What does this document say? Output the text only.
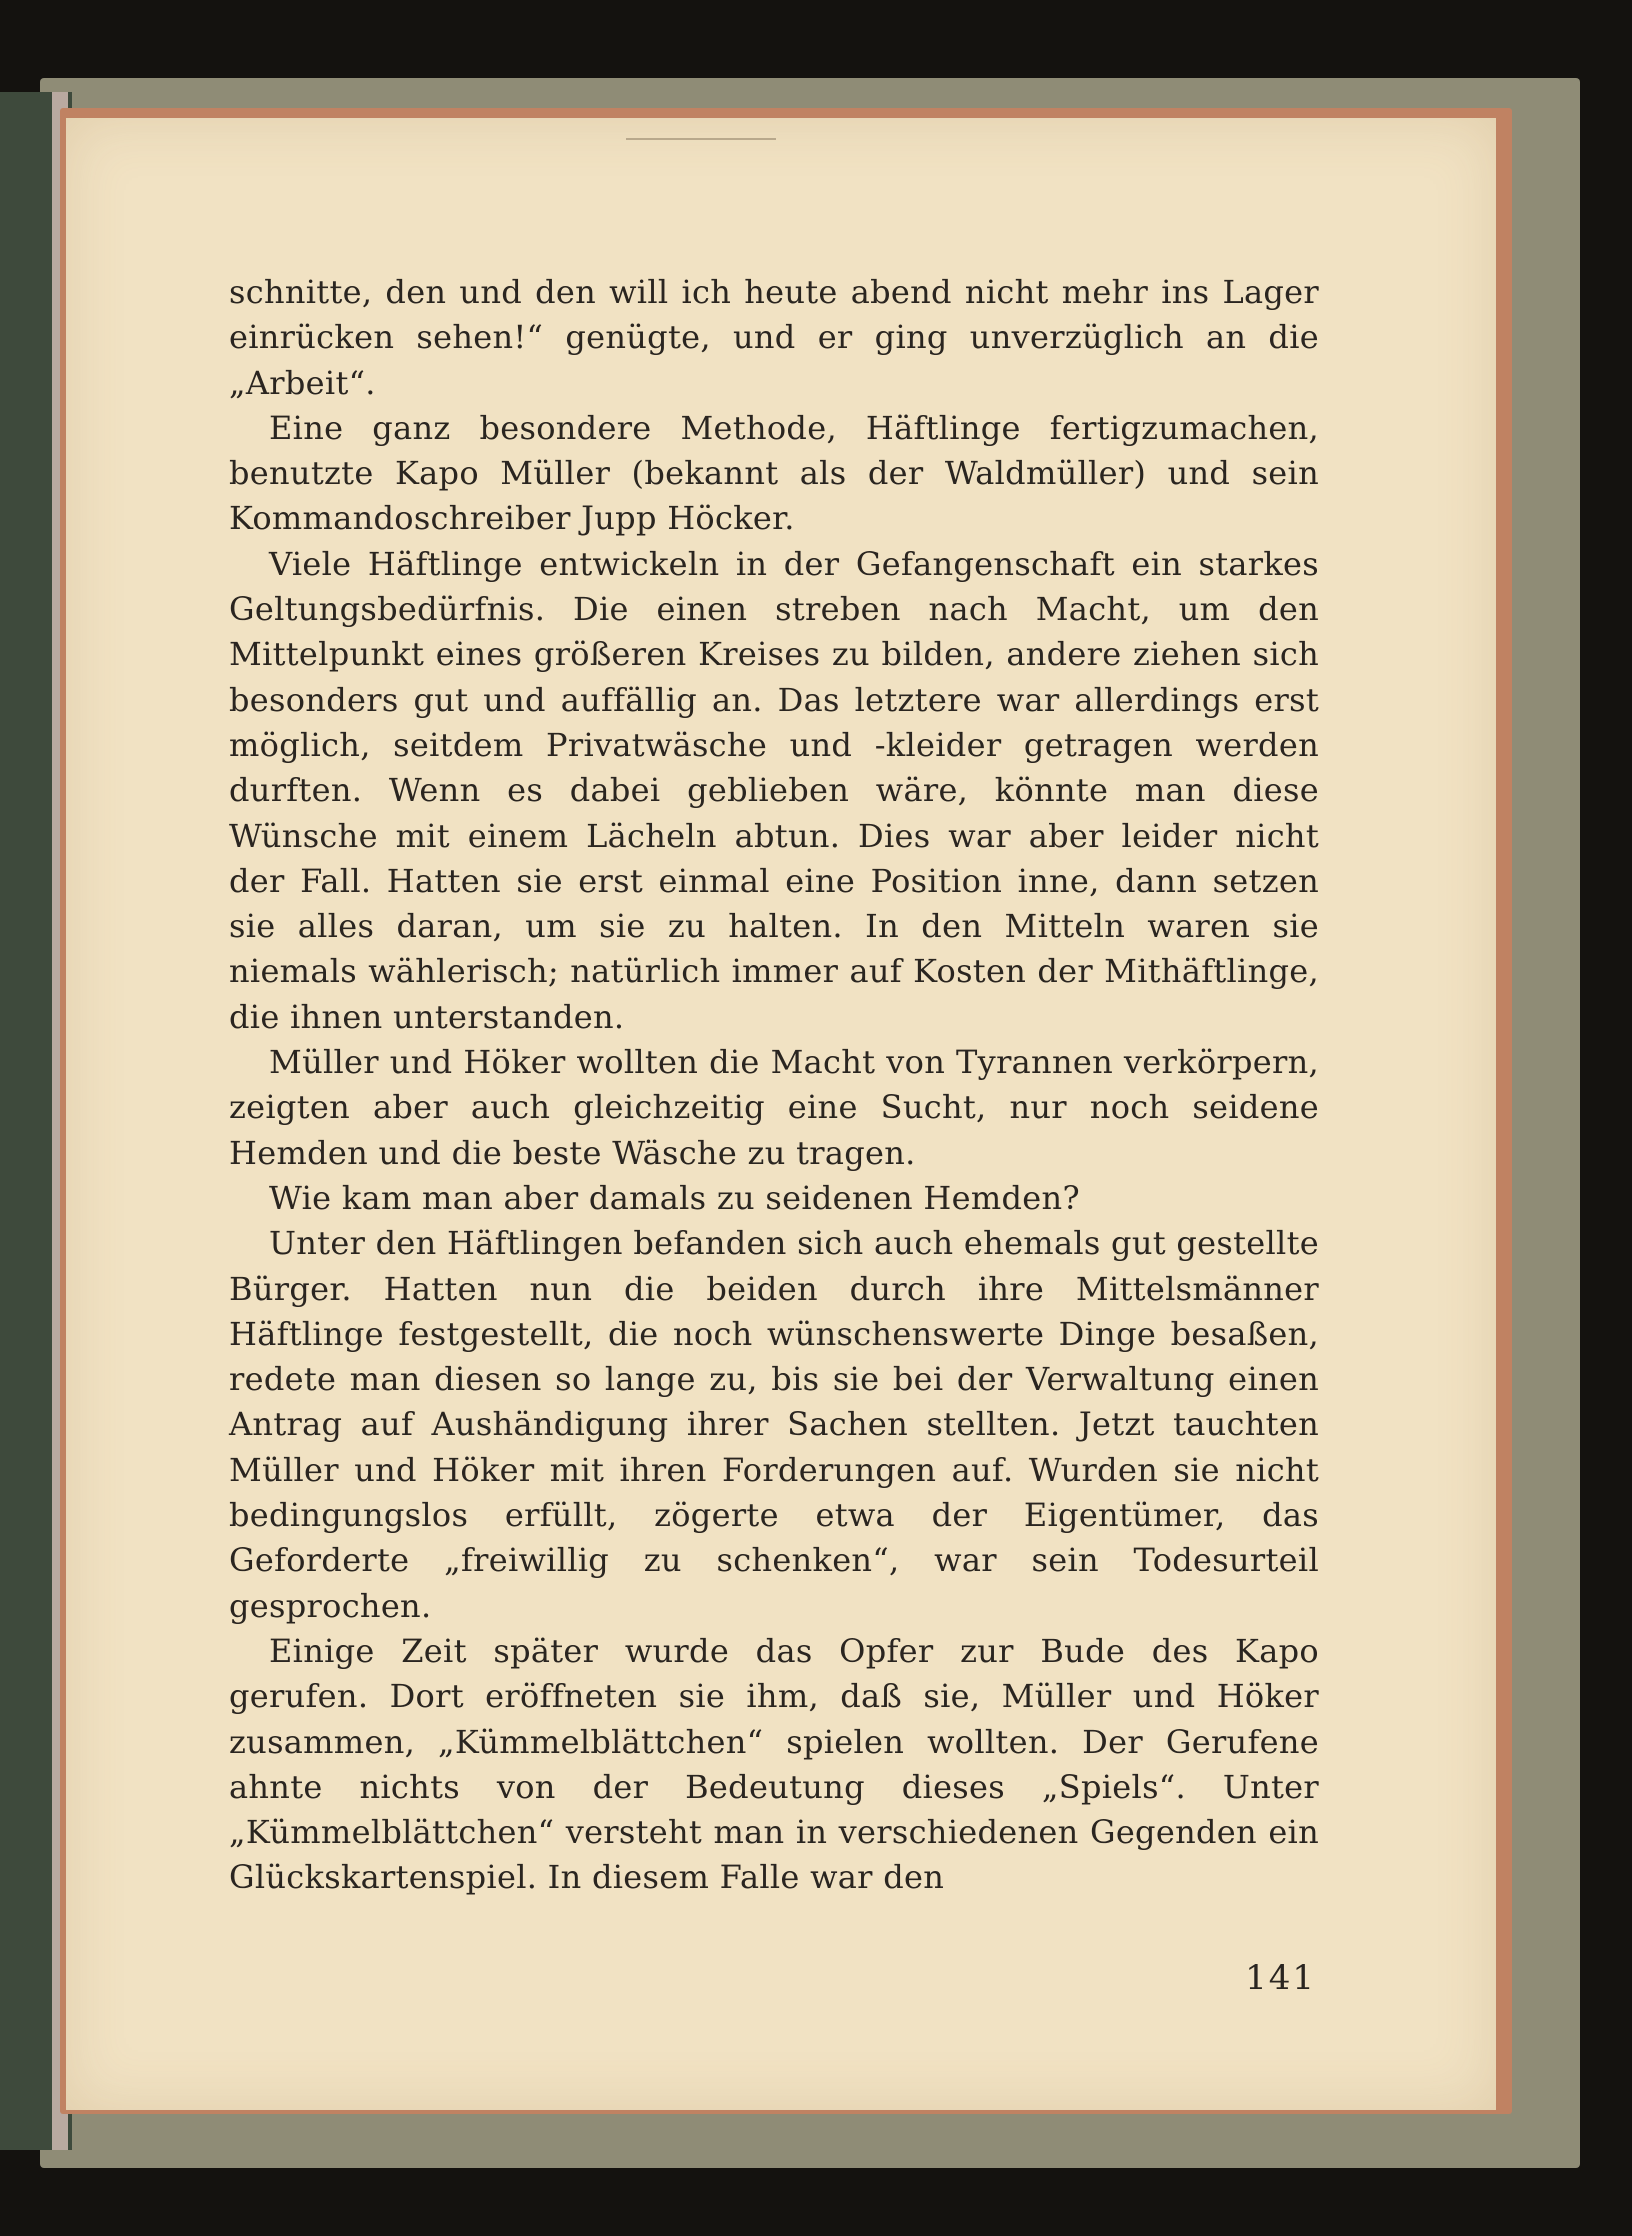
schnitte, den und den will ich heute abend nicht mehr ins Lager einrücken sehen!“ genügte, und er ging unverzüglich an die „Arbeit“.

Eine ganz besondere Methode, Häftlinge fertigzumachen, benutzte Kapo Müller (bekannt als der Waldmüller) und sein Kommandoschreiber Jupp Höcker.

Viele Häftlinge entwickeln in der Gefangenschaft ein starkes Geltungsbedürfnis. Die einen streben nach Macht, um den Mittelpunkt eines größeren Kreises zu bilden, andere ziehen sich besonders gut und auffällig an. Das letztere war allerdings erst möglich, seitdem Privatwäsche und -kleider getragen werden durften. Wenn es dabei geblieben wäre, könnte man diese Wünsche mit einem Lächeln abtun. Dies war aber leider nicht der Fall. Hatten sie erst einmal eine Position inne, dann setzen sie alles daran, um sie zu halten. In den Mitteln waren sie niemals wählerisch; natürlich immer auf Kosten der Mithäftlinge, die ihnen unterstanden.

Müller und Höker wollten die Macht von Tyrannen verkörpern, zeigten aber auch gleichzeitig eine Sucht, nur noch seidene Hemden und die beste Wäsche zu tragen.

Wie kam man aber damals zu seidenen Hemden?

Unter den Häftlingen befanden sich auch ehemals gut gestellte Bürger. Hatten nun die beiden durch ihre Mittelsmänner Häftlinge festgestellt, die noch wünschenswerte Dinge besaßen, redete man diesen so lange zu, bis sie bei der Verwaltung einen Antrag auf Aushändigung ihrer Sachen stellten. Jetzt tauchten Müller und Höker mit ihren Forderungen auf. Wurden sie nicht bedingungslos erfüllt, zögerte etwa der Eigentümer, das Geforderte „freiwillig zu schenken“, war sein Todesurteil gesprochen.

Einige Zeit später wurde das Opfer zur Bude des Kapo gerufen. Dort eröffneten sie ihm, daß sie, Müller und Höker zusammen, „Kümmelblättchen“ spielen wollten. Der Gerufene ahnte nichts von der Bedeutung dieses „Spiels“. Unter „Kümmelblättchen“ versteht man in verschiedenen Gegenden ein Glückskartenspiel. In diesem Falle war den

141
